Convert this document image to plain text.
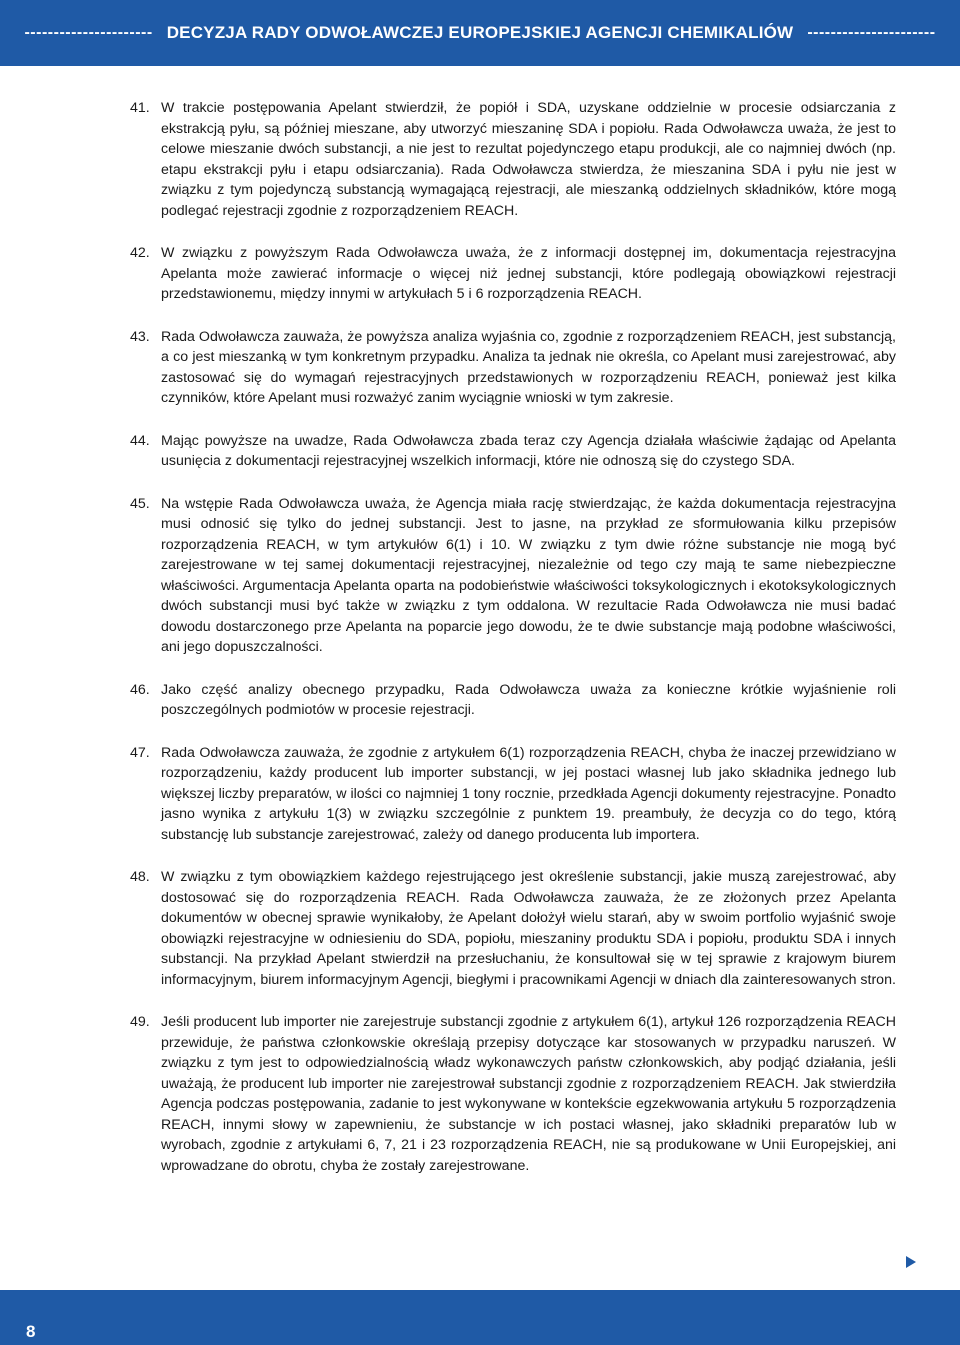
---------------------- DECYZJA RADY ODWOŁAWCZEJ EUROPEJSKIEJ AGENCJI CHEMIKALIÓW ----------------------
41. W trakcie postępowania Apelant stwierdził, że popiół i SDA, uzyskane oddzielnie w procesie odsiarczania z ekstrakcją pyłu, są później mieszane, aby utworzyć mieszaninę SDA i popiołu. Rada Odwoławcza uważa, że jest to celowe mieszanie dwóch substancji, a nie jest to rezultat pojedynczego etapu produkcji, ale co najmniej dwóch (np. etapu ekstrakcji pyłu i etapu odsiarczania). Rada Odwoławcza stwierdza, że mieszanina SDA i pyłu nie jest w związku z tym pojedynczą substancją wymagającą rejestracji, ale mieszanką oddzielnych składników, które mogą podlegać rejestracji zgodnie z rozporządzeniem REACH.
42. W związku z powyższym Rada Odwoławcza uważa, że z informacji dostępnej im, dokumentacja rejestracyjna Apelanta może zawierać informacje o więcej niż jednej substancji, które podlegają obowiązkowi rejestracji przedstawionemu, między innymi w artykułach 5 i 6 rozporządzenia REACH.
43. Rada Odwoławcza zauważa, że powyższa analiza wyjaśnia co, zgodnie z rozporządzeniem REACH, jest substancją, a co jest mieszanką w tym konkretnym przypadku. Analiza ta jednak nie określa, co Apelant musi zarejestrować, aby zastosować się do wymagań rejestracyjnych przedstawionych w rozporządzeniu REACH, ponieważ jest kilka czynników, które Apelant musi rozważyć zanim wyciągnie wnioski w tym zakresie.
44. Mając powyższe na uwadze, Rada Odwoławcza zbada teraz czy Agencja działała właściwie żądając od Apelanta usunięcia z dokumentacji rejestracyjnej wszelkich informacji, które nie odnoszą się do czystego SDA.
45. Na wstępie Rada Odwoławcza uważa, że Agencja miała rację stwierdzając, że każda dokumentacja rejestracyjna musi odnosić się tylko do jednej substancji. Jest to jasne, na przykład ze sformułowania kilku przepisów rozporządzenia REACH, w tym artykułów 6(1) i 10. W związku z tym dwie różne substancje nie mogą być zarejestrowane w tej samej dokumentacji rejestracyjnej, niezależnie od tego czy mają te same niebezpieczne właściwości. Argumentacja Apelanta oparta na podobieństwie właściwości toksykologicznych i ekotoksykologicznych dwóch substancji musi być także w związku z tym oddalona. W rezultacie Rada Odwoławcza nie musi badać dowodu dostarczonego prze Apelanta na poparcie jego dowodu, że te dwie substancje mają podobne właściwości, ani jego dopuszczalności.
46. Jako część analizy obecnego przypadku, Rada Odwoławcza uważa za konieczne krótkie wyjaśnienie roli poszczególnych podmiotów w procesie rejestracji.
47. Rada Odwoławcza zauważa, że zgodnie z artykułem 6(1) rozporządzenia REACH, chyba że inaczej przewidziano w rozporządzeniu, każdy producent lub importer substancji, w jej postaci własnej lub jako składnika jednego lub większej liczby preparatów, w ilości co najmniej 1 tony rocznie, przedkłada Agencji dokumenty rejestracyjne. Ponadto jasno wynika z artykułu 1(3) w związku szczególnie z punktem 19. preambuły, że decyzja co do tego, którą substancję lub substancje zarejestrować, zależy od danego producenta lub importera.
48. W związku z tym obowiązkiem każdego rejestrującego jest określenie substancji, jakie muszą zarejestrować, aby dostosować się do rozporządzenia REACH. Rada Odwoławcza zauważa, że ze złożonych przez Apelanta dokumentów w obecnej sprawie wynikałoby, że Apelant dołożył wielu starań, aby w swoim portfolio wyjaśnić swoje obowiązki rejestracyjne w odniesieniu do SDA, popiołu, mieszaniny produktu SDA i popiołu, produktu SDA i innych substancji. Na przykład Apelant stwierdził na przesłuchaniu, że konsultował się w tej sprawie z krajowym biurem informacyjnym, biurem informacyjnym Agencji, biegłymi i pracownikami Agencji w dniach dla zainteresowanych stron.
49. Jeśli producent lub importer nie zarejestruje substancji zgodnie z artykułem 6(1), artykuł 126 rozporządzenia REACH przewiduje, że państwa członkowskie określają przepisy dotyczące kar stosowanych w przypadku naruszeń. W związku z tym jest to odpowiedzialnością władz wykonawczych państw członkowskich, aby podjąć działania, jeśli uważają, że producent lub importer nie zarejestrował substancji zgodnie z rozporządzeniem REACH. Jak stwierdziła Agencja podczas postępowania, zadanie to jest wykonywane w kontekście egzekwowania artykułu 5 rozporządzenia REACH, innymi słowy w zapewnieniu, że substancje w ich postaci własnej, jako składniki preparatów lub w wyrobach, zgodnie z artykułami 6, 7, 21 i 23 rozporządzenia REACH, nie są produkowane w Unii Europejskiej, ani wprowadzane do obrotu, chyba że zostały zarejestrowane.
8
